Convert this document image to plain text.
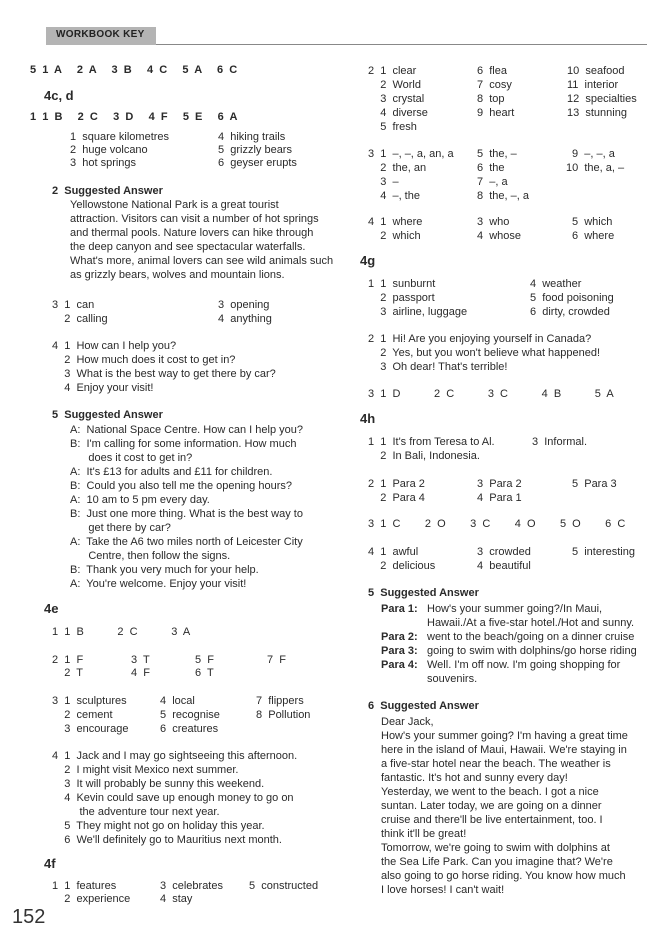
WORKBOOK KEY
5  1  A     2  A     3  B     4  C     5  A     6  C
4c, d
1  1  B     2  C     3  D     4  F     5  E     6  A
1  square kilometres
2  huge volcano
3  hot springs
4  hiking trails
5  grizzly bears
6  geyser erupts
2  Suggested Answer
Yellowstone National Park is a great tourist
attraction. Visitors can visit a number of hot springs
and thermal pools. Nature lovers can hike through
the deep canyon and see spectacular waterfalls.
What's more, animal lovers can see wild animals such
as grizzly bears, wolves and mountain lions.
3  1  can
2  calling
3  opening
4  anything
4  1  How can I help you?
2  How much does it cost to get in?
3  What is the best way to get there by car?
4  Enjoy your visit!
5  Suggested Answer
A:  National Space Centre. How can I help you?
B:  I'm calling for some information. How much
does it cost to get in?
A:  It's £13 for adults and £11 for children.
B:  Could you also tell me the opening hours?
A:  10 am to 5 pm every day.
B:  Just one more thing. What is the best way to
get there by car?
A:  Take the A6 two miles north of Leicester City
Centre, then follow the signs.
B:  Thank you very much for your help.
A:  You're welcome. Enjoy your visit!
4e
1  1  B           2  C           3  A
2  1  F
2  T
3  T
4  F
5  F
6  T
7  F
3  1  sculptures
2  cement
3  encourage
4  local
5  recognise
6  creatures
7  flippers
8  Pollution
4  1  Jack and I may go sightseeing this afternoon.
2  I might visit Mexico next summer.
3  It will probably be sunny this weekend.
4  Kevin could save up enough money to go on
the adventure tour next year.
5  They might not go on holiday this year.
6  We'll definitely go to Mauritius next month.
4f
1  1  features
2  experience
3  celebrates
4  stay
5  constructed
152
2  1  clear
2  World
3  crystal
4  diverse
5  fresh
6  flea
7  cosy
8  top
9  heart
10  seafood
11  interior
12  specialties
13  stunning
3  1  –, –, a, an, a
2  the, an
3  –
4  –, the
5  the, –
6  the
7  –, a
8  the, –, a
9  –, –, a
10  the, a, –
4  1  where
2  which
3  who
4  whose
5  which
6  where
4g
1  1  sunburnt
2  passport
3  airline, luggage
4  weather
5  food poisoning
6  dirty, crowded
2  1  Hi! Are you enjoying yourself in Canada?
2  Yes, but you won't believe what happened!
3  Oh dear! That's terrible!
3  1  D           2  C           3  C           4  B           5  A
4h
1  1  It's from Teresa to Al.
2  In Bali, Indonesia.
3  Informal.
2  1  Para 2
2  Para 4
3  Para 2
4  Para 1
5  Para 3
3  1  C        2  O        3  C        4  O        5  O        6  C
4  1  awful
2  delicious
3  crowded
4  beautiful
5  interesting
5  Suggested Answer
Para 1: How's your summer going?/In Maui,
Hawaii./At a five-star hotel./Hot and sunny.
Para 2: went to the beach/going on a dinner cruise
Para 3: going to swim with dolphins/go horse riding
Para 4: Well. I'm off now. I'm going shopping for
souvenirs.
6  Suggested Answer
Dear Jack,
How's your summer going? I'm having a great time
here in the island of Maui, Hawaii. We're staying in
a five-star hotel near the beach. The weather is
fantastic. It's hot and sunny every day!
Yesterday, we went to the beach. I got a nice
suntan. Later today, we are going on a dinner
cruise and there'll be live entertainment, too. I
think it'll be great!
Tomorrow, we're going to swim with dolphins at
the Sea Life Park. Can you imagine that? We're
also going to go horse riding. You know how much
I love horses! I can't wait!
